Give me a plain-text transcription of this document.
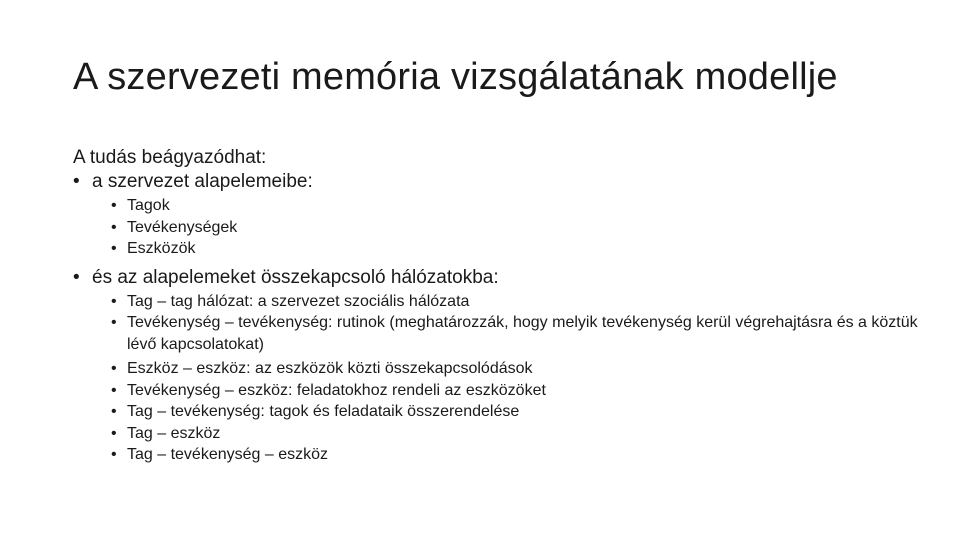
A szervezeti memória vizsgálatának modellje

A tudás beágyazódhat:

• a szervezet alapelemeibe:
• Tagok
• Tevékenységek
• Eszközök
• és az alapelemeket összekapcsoló hálózatokba:
• Tag – tag hálózat: a szervezet szociális hálózata
• Tevékenység – tevékenység: rutinok (meghatározzák, hogy melyik tevékenység kerül végrehajtásra és a köztük lévő kapcsolatokat)
• Eszköz – eszköz: az eszközök közti összekapcsolódások
• Tevékenység – eszköz: feladatokhoz rendeli az eszközöket
• Tag – tevékenység: tagok és feladataik összerendelése
• Tag – eszköz
• Tag – tevékenység – eszköz
